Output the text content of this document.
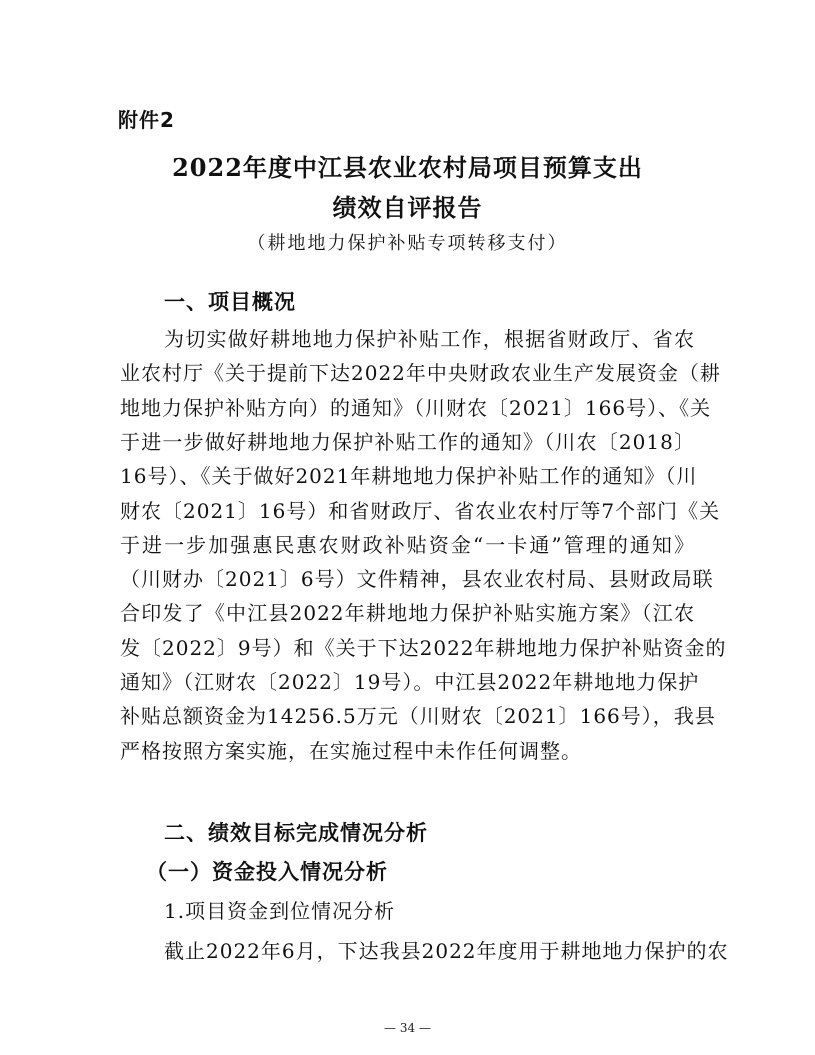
附件2
2022年度中江县农业农村局项目预算支出
绩效自评报告
（耕地地力保护补贴专项转移支付）
一、项目概况
为切实做好耕地地力保护补贴工作，根据省财政厅、省农
业农村厅《关于提前下达2022年中央财政农业生产发展资金（耕
地地力保护补贴方向）的通知》（川财农〔2021〕166号）、《关
于进一步做好耕地地力保护补贴工作的通知》（川农〔2018〕
16号）、《关于做好2021年耕地地力保护补贴工作的通知》（川
财农〔2021〕16号）和省财政厅、省农业农村厅等7个部门《关
于进一步加强惠民惠农财政补贴资金“一卡通”管理的通知》
（川财办〔2021〕6号）文件精神，县农业农村局、县财政局联
合印发了《中江县2022年耕地地力保护补贴实施方案》（江农
发〔2022〕9号）和《关于下达2022年耕地地力保护补贴资金的
通知》（江财农〔2022〕19号）。中江县2022年耕地地力保护
补贴总额资金为14256.5万元（川财农〔2021〕166号），我县
严格按照方案实施，在实施过程中未作任何调整。
二、绩效目标完成情况分析
（一）资金投入情况分析
1.项目资金到位情况分析
截止2022年6月，下达我县2022年度用于耕地地力保护的农
— 34 —
